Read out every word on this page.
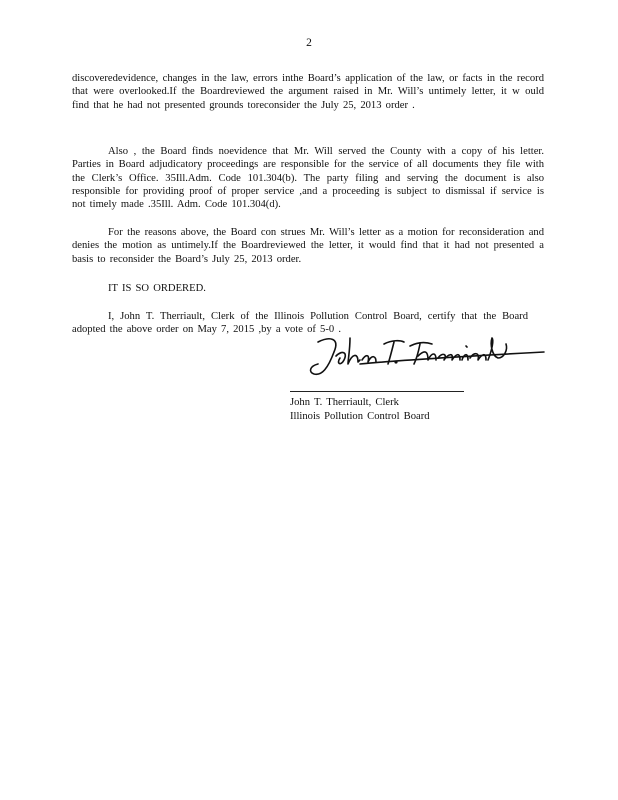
2

discoveredevidence, changes in the law, errors inthe Board’s application of the law, or facts in the record that were overlooked.If the Boardreviewed the argument raised in Mr. Will’s untimely letter, it w ould find that he had not presented grounds toreconsider the July 25, 2013 order .

Also , the Board finds noevidence that Mr. Will served the County with a copy of his letter. Parties in Board adjudicatory proceedings are responsible for the service of all documents they file with the Clerk’s Office. 35Ill.Adm. Code 101.304(b). The party filing and serving the document is also responsible for providing proof of proper service ,and a proceeding is subject to dismissal if service is not timely made .35Ill. Adm. Code 101.304(d).

For the reasons above, the Board con strues Mr. Will’s letter as a motion for reconsideration and denies the motion as untimely.If the Boardreviewed the letter, it would find that it had not presented a basis to reconsider the Board’s July 25, 2013 order.

IT IS SO ORDERED.

I, John T. Therriault, Clerk of the Illinois Pollution Control Board, certify that the Board adopted the above order on May 7, 2015 ,by a vote of 5-0 .

John T. Therriault, Clerk
Illinois Pollution Control Board
